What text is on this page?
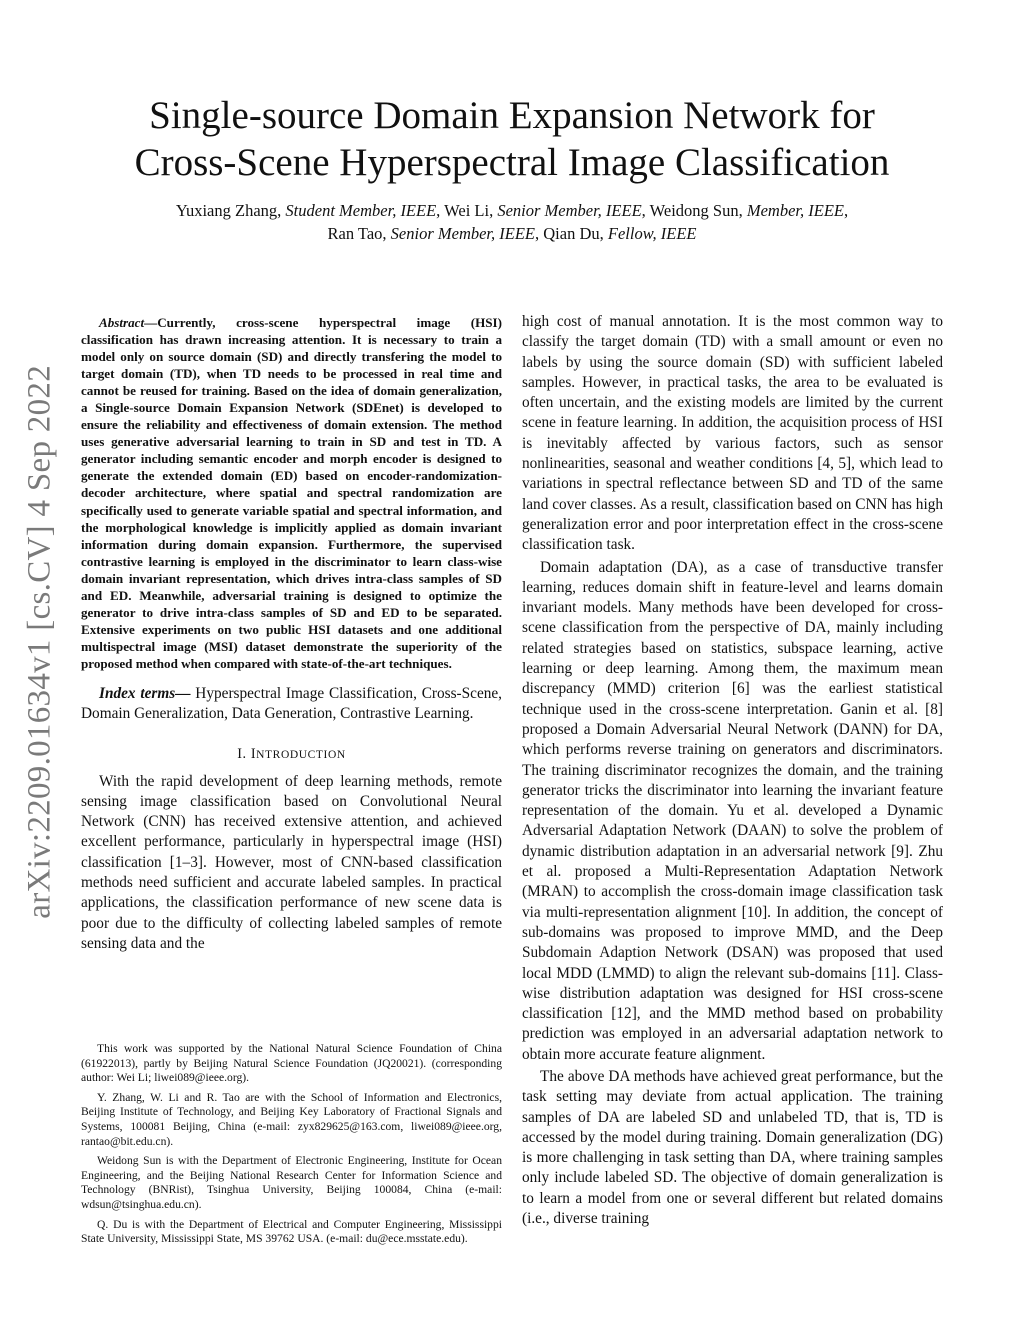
arXiv:2209.01634v1 [cs.CV] 4 Sep 2022
Single-source Domain Expansion Network for
Cross-Scene Hyperspectral Image Classification
Yuxiang Zhang, Student Member, IEEE, Wei Li, Senior Member, IEEE, Weidong Sun, Member, IEEE,
Ran Tao, Senior Member, IEEE, Qian Du, Fellow, IEEE

Abstract—Currently, cross-scene hyperspectral image (HSI) classification has drawn increasing attention. It is necessary to train a model only on source domain (SD) and directly transfering the model to target domain (TD), when TD needs to be processed in real time and cannot be reused for training. Based on the idea of domain generalization, a Single-source Domain Expansion Network (SDEnet) is developed to ensure the reliability and effectiveness of domain extension. The method uses generative adversarial learning to train in SD and test in TD. A generator including semantic encoder and morph encoder is designed to generate the extended domain (ED) based on encoder-randomization-decoder architecture, where spatial and spectral randomization are specifically used to generate variable spatial and spectral information, and the morphological knowledge is implicitly applied as domain invariant information during domain expansion. Furthermore, the supervised contrastive learning is employed in the discriminator to learn class-wise domain invariant representation, which drives intra-class samples of SD and ED. Meanwhile, adversarial training is designed to optimize the generator to drive intra-class samples of SD and ED to be separated. Extensive experiments on two public HSI datasets and one additional multispectral image (MSI) dataset demonstrate the superiority of the proposed method when compared with state-of-the-art techniques.

Index terms— Hyperspectral Image Classification, Cross-Scene, Domain Generalization, Data Generation, Contrastive Learning.

I. INTRODUCTION

With the rapid development of deep learning methods, remote sensing image classification based on Convolutional Neural Network (CNN) has received extensive attention, and achieved excellent performance, particularly in hyperspectral image (HSI) classification [1–3]. However, most of CNN-based classification methods need sufficient and accurate labeled samples. In practical applications, the classification performance of new scene data is poor due to the difficulty of collecting labeled samples of remote sensing data and the

This work was supported by the National Natural Science Foundation of China (61922013), partly by Beijing Natural Science Foundation (JQ20021). (corresponding author: Wei Li; liwei089@ieee.org).

Y. Zhang, W. Li and R. Tao are with the School of Information and Electronics, Beijing Institute of Technology, and Beijing Key Laboratory of Fractional Signals and Systems, 100081 Beijing, China (e-mail: zyx829625@163.com, liwei089@ieee.org, rantao@bit.edu.cn).

Weidong Sun is with the Department of Electronic Engineering, Institute for Ocean Engineering, and the Beijing National Research Center for Information Science and Technology (BNRist), Tsinghua University, Beijing 100084, China (e-mail: wdsun@tsinghua.edu.cn).

Q. Du is with the Department of Electrical and Computer Engineering, Mississippi State University, Mississippi State, MS 39762 USA. (e-mail: du@ece.msstate.edu).

high cost of manual annotation. It is the most common way to classify the target domain (TD) with a small amount or even no labels by using the source domain (SD) with sufficient labeled samples. However, in practical tasks, the area to be evaluated is often uncertain, and the existing models are limited by the current scene in feature learning. In addition, the acquisition process of HSI is inevitably affected by various factors, such as sensor nonlinearities, seasonal and weather conditions [4, 5], which lead to variations in spectral reflectance between SD and TD of the same land cover classes. As a result, classification based on CNN has high generalization error and poor interpretation effect in the cross-scene classification task.

Domain adaptation (DA), as a case of transductive transfer learning, reduces domain shift in feature-level and learns domain invariant models. Many methods have been developed for cross-scene classification from the perspective of DA, mainly including related strategies based on statistics, subspace learning, active learning or deep learning. Among them, the maximum mean discrepancy (MMD) criterion [6] was the earliest statistical technique used in the cross-scene interpretation. Ganin et al. [8] proposed a Domain Adversarial Neural Network (DANN) for DA, which performs reverse training on generators and discriminators. The training discriminator recognizes the domain, and the training generator tricks the discriminator into learning the invariant feature representation of the domain. Yu et al. developed a Dynamic Adversarial Adaptation Network (DAAN) to solve the problem of dynamic distribution adaptation in an adversarial network [9]. Zhu et al. proposed a Multi-Representation Adaptation Network (MRAN) to accomplish the cross-domain image classification task via multi-representation alignment [10]. In addition, the concept of sub-domains was proposed to improve MMD, and the Deep Subdomain Adaption Network (DSAN) was proposed that used local MDD (LMMD) to align the relevant sub-domains [11]. Class-wise distribution adaptation was designed for HSI cross-scene classification [12], and the MMD method based on probability prediction was employed in an adversarial adaptation network to obtain more accurate feature alignment.

The above DA methods have achieved great performance, but the task setting may deviate from actual application. The training samples of DA are labeled SD and unlabeled TD, that is, TD is accessed by the model during training. Domain generalization (DG) is more challenging in task setting than DA, where training samples only include labeled SD. The objective of domain generalization is to learn a model from one or several different but related domains (i.e., diverse training
